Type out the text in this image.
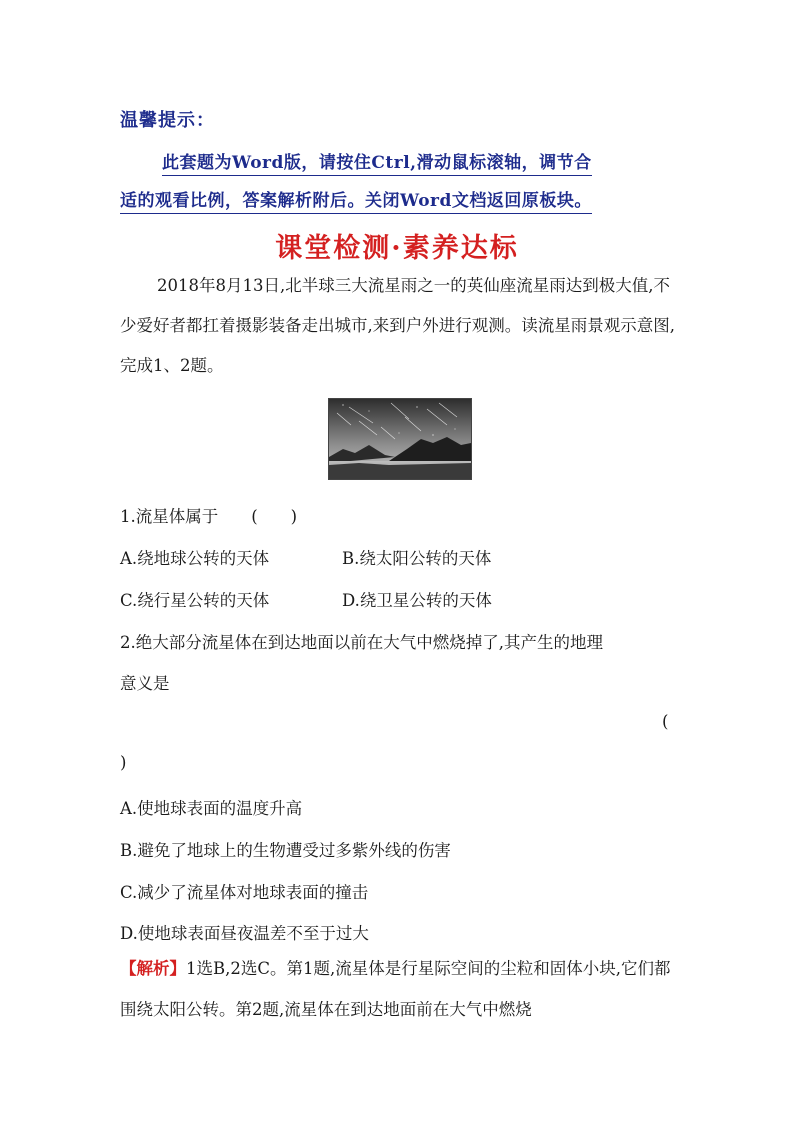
温馨提示：
此套题为Word版，请按住Ctrl,滑动鼠标滚轴，调节合
适的观看比例，答案解析附后。关闭Word文档返回原板块。
课堂检测·素养达标
2018年8月13日,北半球三大流星雨之一的英仙座流星雨达到极大值,不少爱好者都扛着摄影装备走出城市,来到户外进行观测。读流星雨景观示意图,完成1、2题。
1.流星体属于　　(　　)
A.绕地球公转的天体	B.绕太阳公转的天体
C.绕行星公转的天体	D.绕卫星公转的天体
2.绝大部分流星体在到达地面以前在大气中燃烧掉了,其产生的地理
意义是
(
)
A.使地球表面的温度升高
B.避免了地球上的生物遭受过多紫外线的伤害
C.减少了流星体对地球表面的撞击
D.使地球表面昼夜温差不至于过大
【解析】1选B,2选C。第1题,流星体是行星际空间的尘粒和固体小块,它们都围绕太阳公转。第2题,流星体在到达地面前在大气中燃烧
